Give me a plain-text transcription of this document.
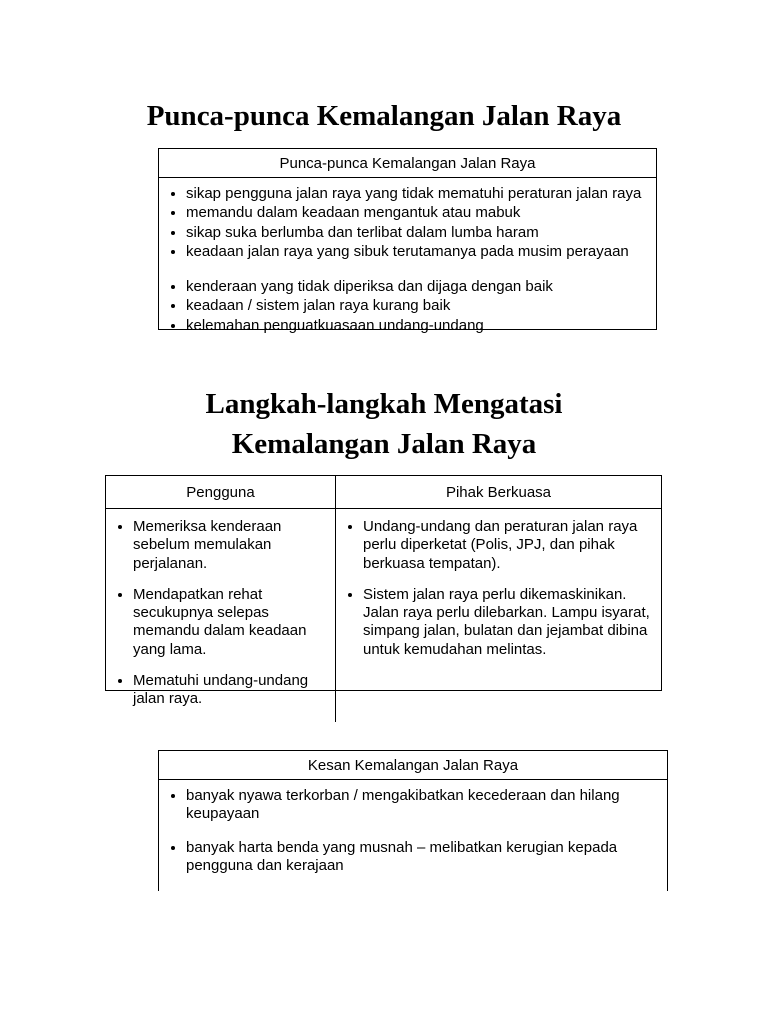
Punca-punca Kemalangan Jalan Raya
Punca-punca Kemalangan Jalan Raya
• sikap pengguna jalan raya yang tidak mematuhi peraturan jalan raya
• memandu dalam keadaan mengantuk atau mabuk
• sikap suka berlumba dan terlibat dalam lumba haram
• keadaan jalan raya yang sibuk terutamanya pada musim perayaan
• kenderaan yang tidak diperiksa dan dijaga dengan baik
• keadaan / sistem jalan raya kurang baik
• kelemahan penguatkuasaan undang-undang
Langkah-langkah Mengatasi
Kemalangan Jalan Raya
Pengguna	Pihak Berkuasa
• Memeriksa kenderaan sebelum memulakan perjalanan.
• Mendapatkan rehat secukupnya selepas memandu dalam keadaan yang lama.
• Mematuhi undang-undang jalan raya.
• Undang-undang dan peraturan jalan raya perlu diperketat (Polis, JPJ, dan pihak berkuasa tempatan).
• Sistem jalan raya perlu dikemaskinikan. Jalan raya perlu dilebarkan. Lampu isyarat, simpang jalan, bulatan dan jejambat dibina untuk kemudahan melintas.
Kesan Kemalangan Jalan Raya
• banyak nyawa terkorban / mengakibatkan kecederaan dan hilang keupayaan
• banyak harta benda yang musnah – melibatkan kerugian kepada pengguna dan kerajaan
